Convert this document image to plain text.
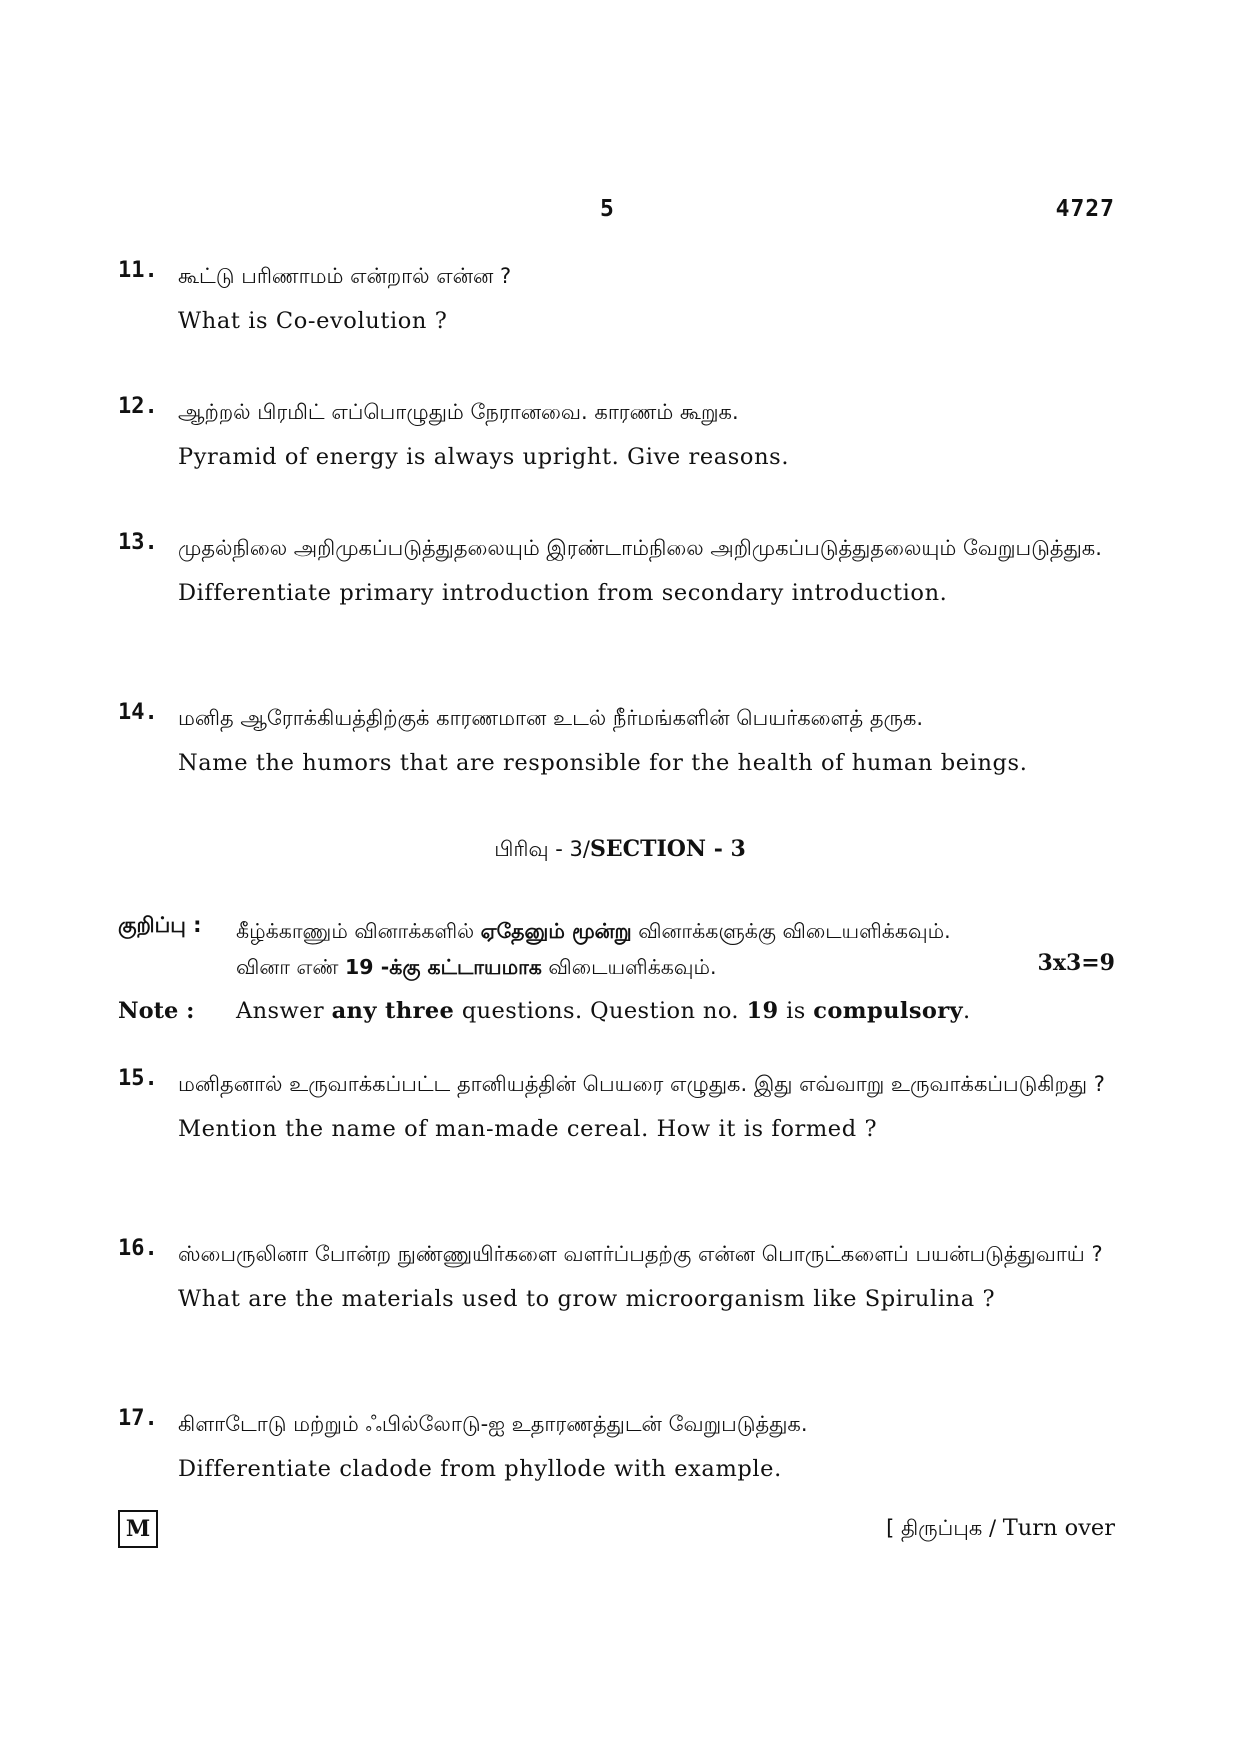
5	4727
11. கூட்டு பரிணாமம் என்றால் என்ன ?
What is Co-evolution ?
12. ஆற்றல் பிரமிட் எப்பொழுதும் நேரானவை. காரணம் கூறுக.
Pyramid of energy is always upright. Give reasons.
13. முதல்நிலை அறிமுகப்படுத்துதலையும் இரண்டாம்நிலை அறிமுகப்படுத்துதலையும் வேறுபடுத்துக.
Differentiate primary introduction from secondary introduction.
14. மனித ஆரோக்கியத்திற்குக் காரணமான உடல் நீர்மங்களின் பெயர்களைத் தருக.
Name the humors that are responsible for the health of human beings.
பிரிவு - 3/SECTION - 3
குறிப்பு : கீழ்க்காணும் வினாக்களில் ஏதேனும் மூன்று வினாக்களுக்கு விடையளிக்கவும்.
வினா எண் 19 -க்கு கட்டாயமாக விடையளிக்கவும்.	3x3=9
Note : Answer any three questions. Question no. 19 is compulsory.
15. மனிதனால் உருவாக்கப்பட்ட தானியத்தின் பெயரை எழுதுக. இது எவ்வாறு உருவாக்கப்படுகிறது ?
Mention the name of man-made cereal. How it is formed ?
16. ஸ்பைருலினா போன்ற நுண்ணுயிர்களை வளர்ப்பதற்கு என்ன பொருட்களைப் பயன்படுத்துவாய் ?
What are the materials used to grow microorganism like Spirulina ?
17. கிளாடோடு மற்றும் ஃபில்லோடு-ஐ உதாரணத்துடன் வேறுபடுத்துக.
Differentiate cladode from phyllode with example.
M	[ திருப்புக / Turn over
